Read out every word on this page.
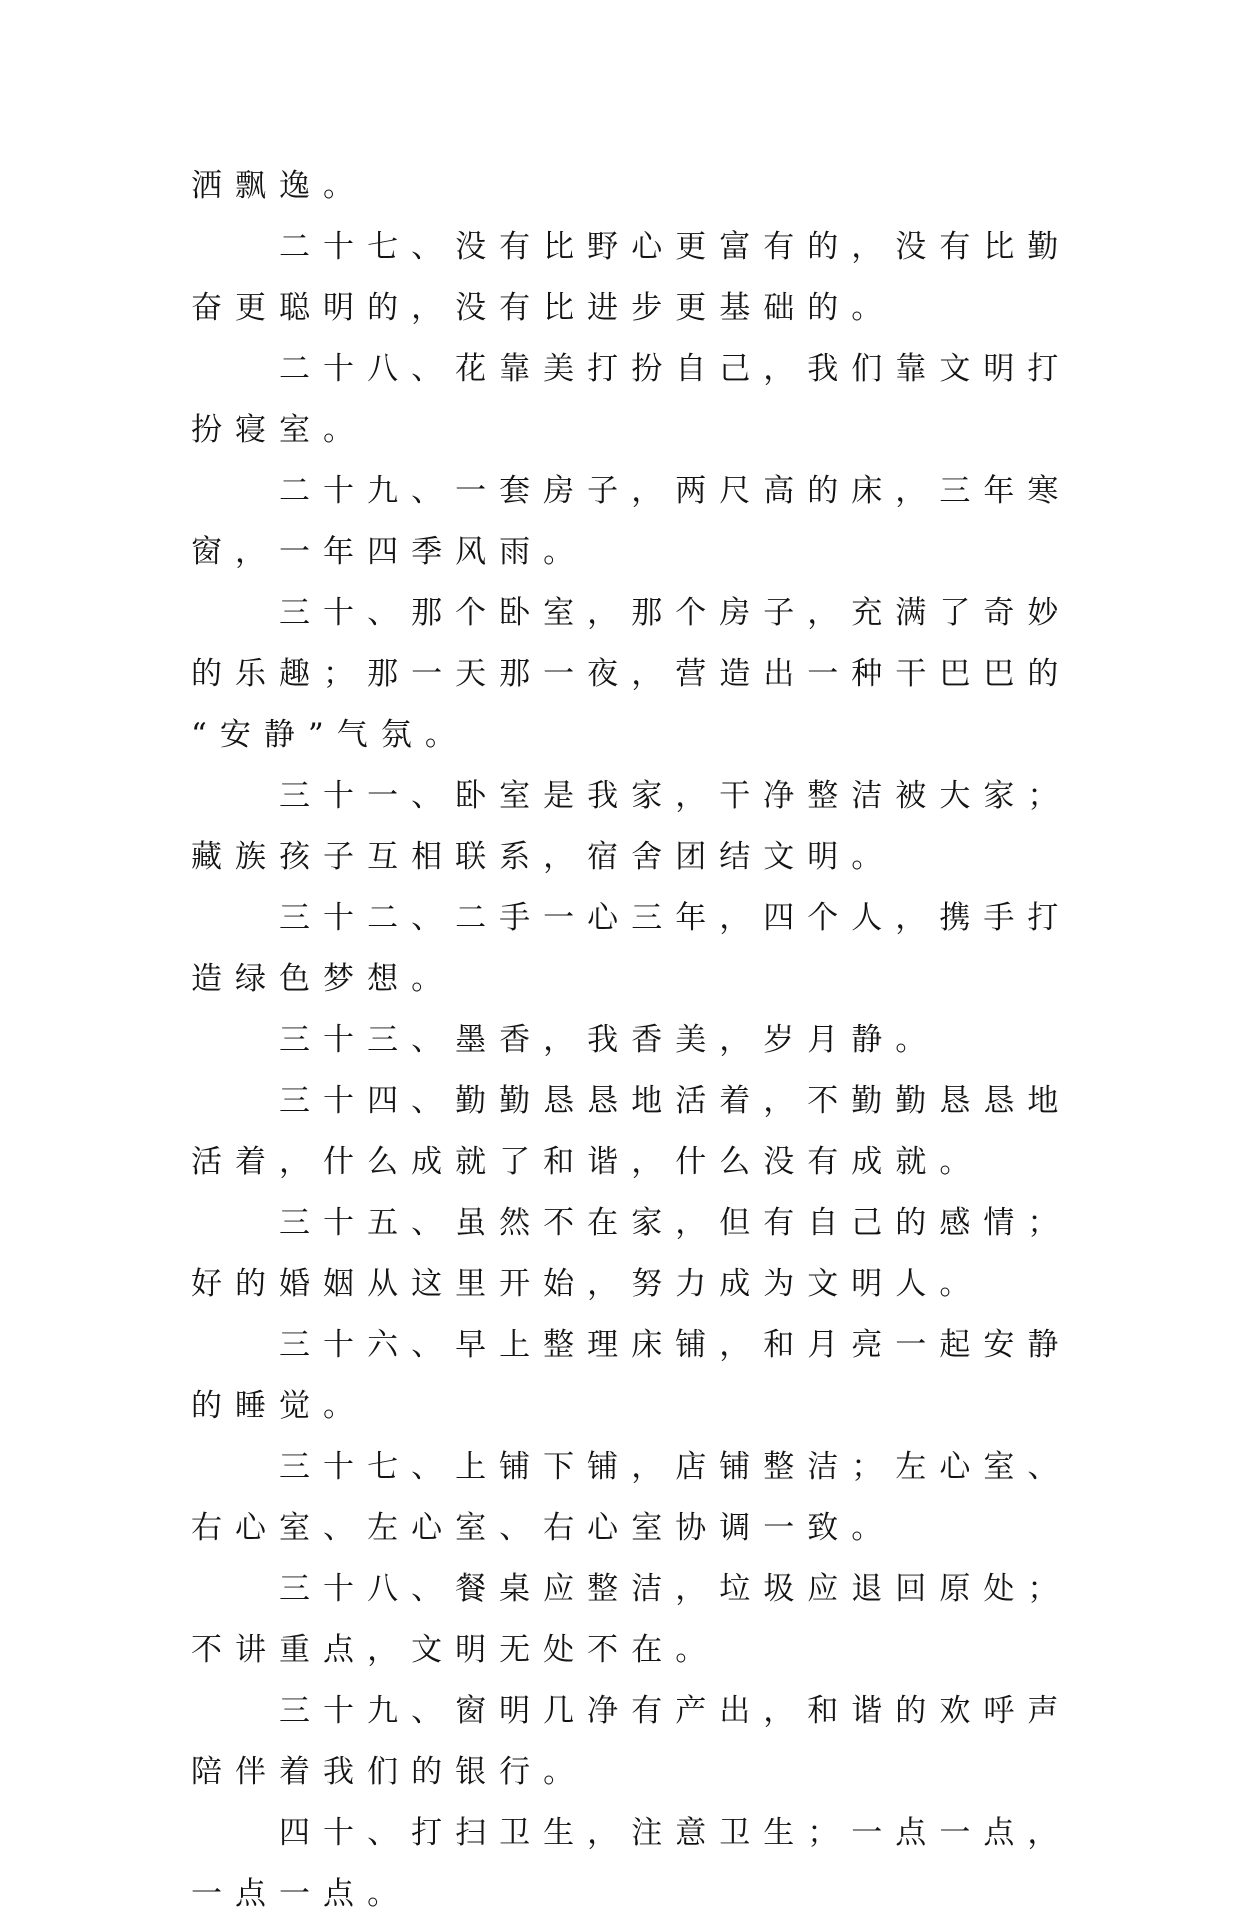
洒飘逸。

二十七、没有比野心更富有的，没有比勤奋更聪明的，没有比进步更基础的。

二十八、花靠美打扮自己，我们靠文明打扮寝室。

二十九、一套房子，两尺高的床，三年寒窗，一年四季风雨。

三十、那个卧室，那个房子，充满了奇妙的乐趣；那一天那一夜，营造出一种干巴巴的“安静”气氛。

三十一、卧室是我家，干净整洁被大家；藏族孩子互相联系，宿舍团结文明。

三十二、二手一心三年，四个人，携手打造绿色梦想。

三十三、墨香，我香美，岁月静。

三十四、勤勤恳恳地活着，不勤勤恳恳地活着，什么成就了和谐，什么没有成就。

三十五、虽然不在家，但有自己的感情；好的婚姻从这里开始，努力成为文明人。

三十六、早上整理床铺，和月亮一起安静的睡觉。

三十七、上铺下铺，店铺整洁；左心室、右心室、左心室、右心室协调一致。

三十八、餐桌应整洁，垃圾应退回原处；不讲重点，文明无处不在。

三十九、窗明几净有产出，和谐的欢呼声陪伴着我们的银行。

四十、打扫卫生，注意卫生；一点一点，一点一点。
